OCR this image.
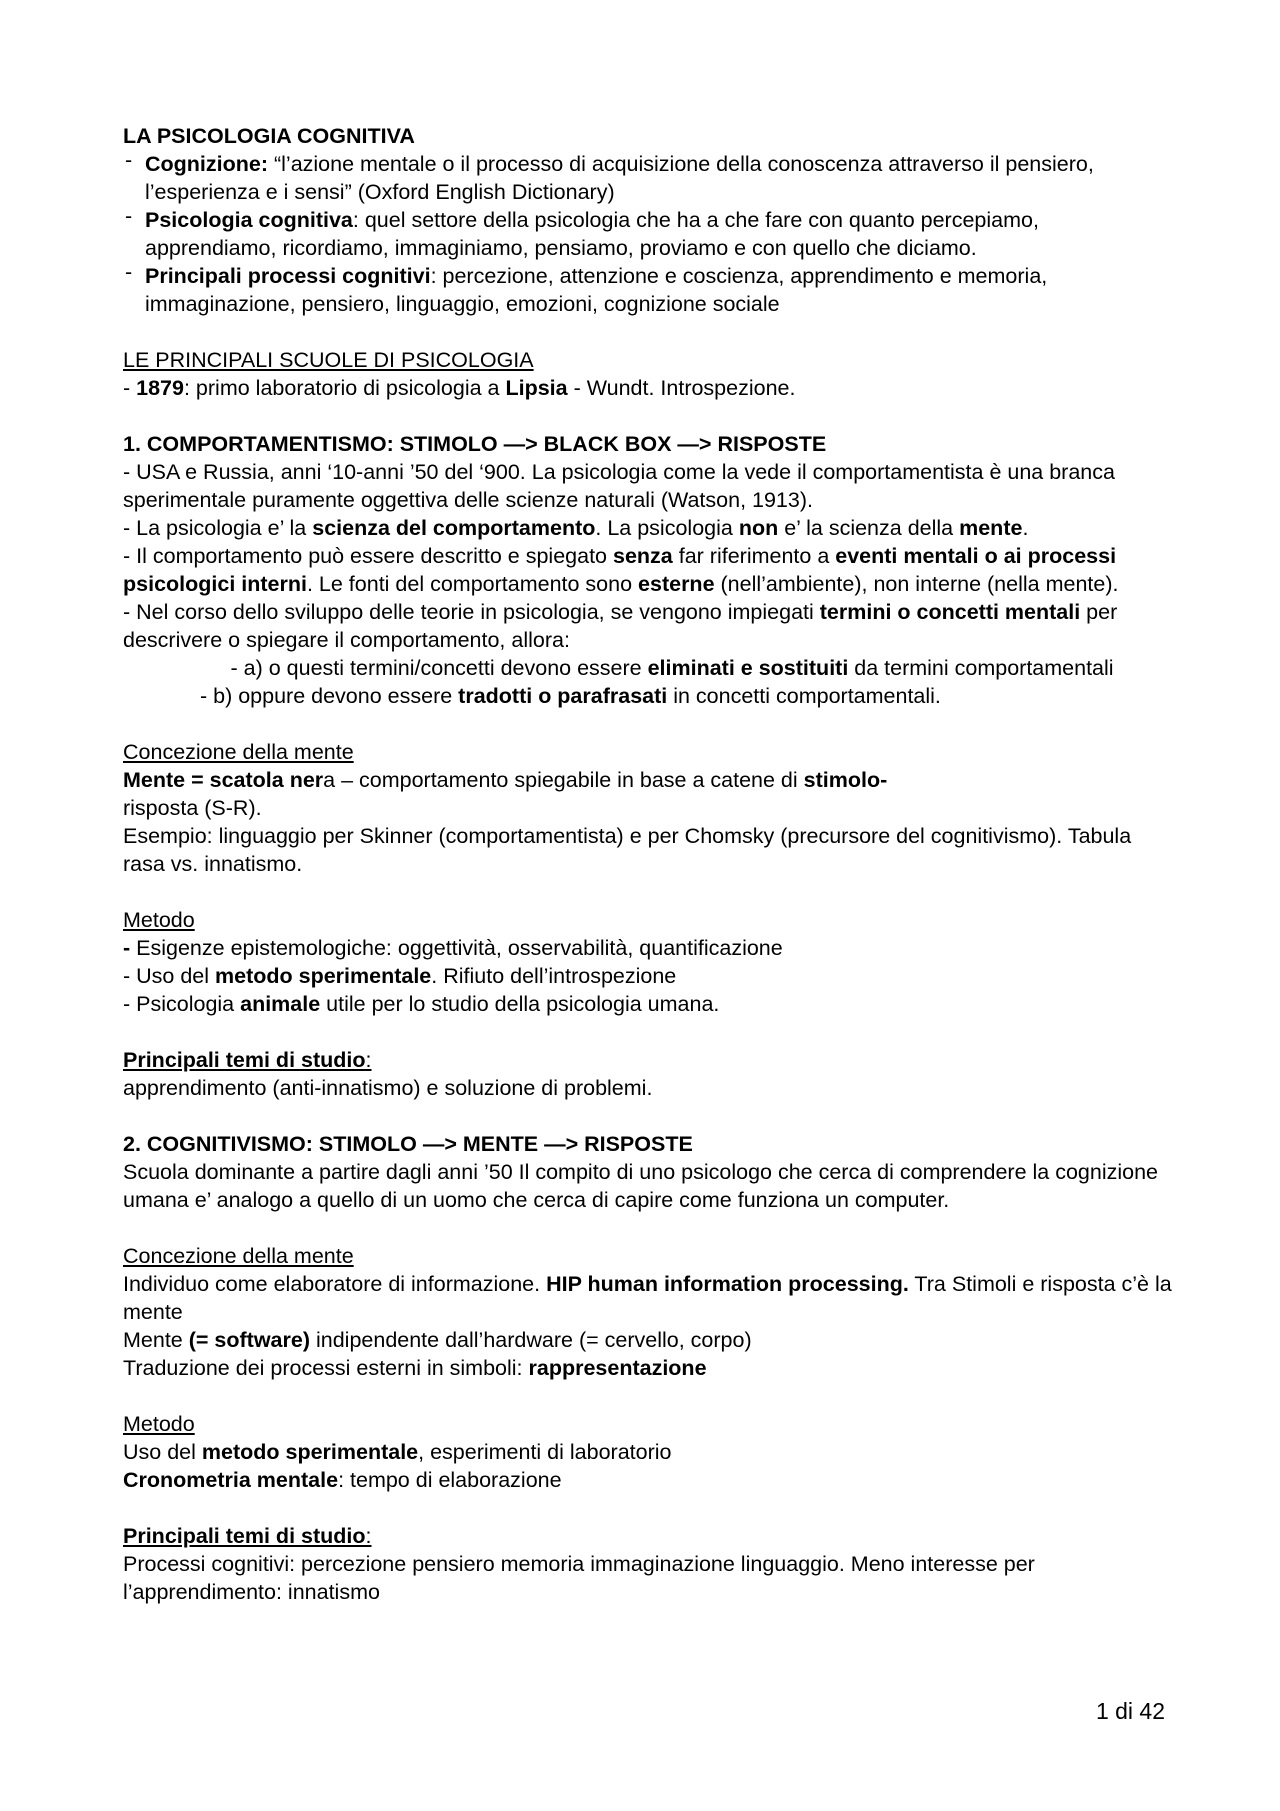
LA PSICOLOGIA COGNITIVA
- Cognizione: “l’azione mentale o il processo di acquisizione della conoscenza attraverso il pensiero, l’esperienza e i sensi” (Oxford English Dictionary)
- Psicologia cognitiva: quel settore della psicologia che ha a che fare con quanto percepiamo, apprendiamo, ricordiamo, immaginiamo, pensiamo, proviamo e con quello che diciamo.
- Principali processi cognitivi: percezione, attenzione e coscienza, apprendimento e memoria, immaginazione, pensiero, linguaggio, emozioni, cognizione sociale
LE PRINCIPALI SCUOLE DI PSICOLOGIA
- 1879: primo laboratorio di psicologia a Lipsia - Wundt. Introspezione.
1. COMPORTAMENTISMO: STIMOLO —> BLACK BOX —> RISPOSTE
- USA e Russia, anni ‘10-anni ’50 del ‘900. La psicologia come la vede il comportamentista è una branca sperimentale puramente oggettiva delle scienze naturali (Watson, 1913).
- La psicologia e’ la scienza del comportamento. La psicologia non e’ la scienza della mente.
- Il comportamento può essere descritto e spiegato senza far riferimento a eventi mentali o ai processi psicologici interni. Le fonti del comportamento sono esterne (nell’ambiente), non interne (nella mente).
- Nel corso dello sviluppo delle teorie in psicologia, se vengono impiegati termini o concetti mentali per descrivere o spiegare il comportamento, allora:
- a) o questi termini/concetti devono essere eliminati e sostituiti da termini comportamentali
- b) oppure devono essere tradotti o parafrasati in concetti comportamentali.
Concezione della mente
Mente = scatola nera – comportamento spiegabile in base a catene di stimolo-
risposta (S-R).
Esempio: linguaggio per Skinner (comportamentista) e per Chomsky (precursore del cognitivismo). Tabula rasa vs. innatismo.
Metodo
- Esigenze epistemologiche: oggettività, osservabilità, quantificazione
- Uso del metodo sperimentale. Rifiuto dell’introspezione
- Psicologia animale utile per lo studio della psicologia umana.
Principali temi di studio:
apprendimento (anti-innatismo) e soluzione di problemi.
2. COGNITIVISMO: STIMOLO —> MENTE —> RISPOSTE
Scuola dominante a partire dagli anni ’50 Il compito di uno psicologo che cerca di comprendere la cognizione umana e’ analogo a quello di un uomo che cerca di capire come funziona un computer.
Concezione della mente
Individuo come elaboratore di informazione. HIP human information processing. Tra Stimoli e risposta c’è la mente
Mente (= software) indipendente dall’hardware (= cervello, corpo)
Traduzione dei processi esterni in simboli: rappresentazione
Metodo
Uso del metodo sperimentale, esperimenti di laboratorio
Cronometria mentale: tempo di elaborazione
Principali temi di studio:
Processi cognitivi: percezione pensiero memoria immaginazione linguaggio. Meno interesse per l’apprendimento: innatismo
1 di 42
